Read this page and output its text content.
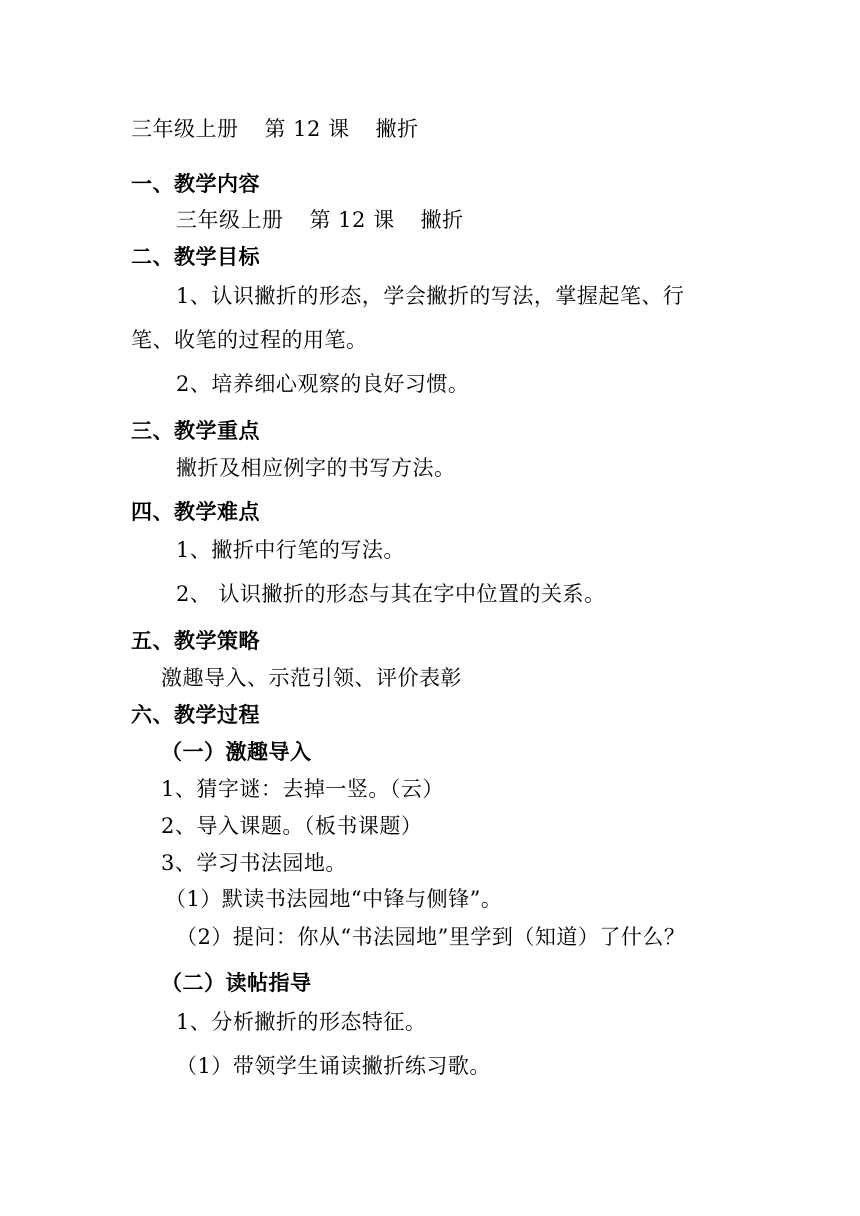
三年级上册 第 12 课 撇折
一、教学内容
三年级上册 第 12 课 撇折
二、教学目标
1、认识撇折的形态，学会撇折的写法，掌握起笔、行
笔、收笔的过程的用笔。
2、培养细心观察的良好习惯。
三、教学重点
撇折及相应例字的书写方法。
四、教学难点
1、撇折中行笔的写法。
2、 认识撇折的形态与其在字中位置的关系。
五、教学策略
激趣导入、示范引领、评价表彰
六、教学过程
（一）激趣导入
1、猜字谜：去掉一竖。（云）
2、导入课题。（板书课题）
3、学习书法园地。
（1）默读书法园地“中锋与侧锋”。
（2）提问：你从“书法园地”里学到（知道）了什么？
（二）读帖指导
1、分析撇折的形态特征。
（1）带领学生诵读撇折练习歌。
